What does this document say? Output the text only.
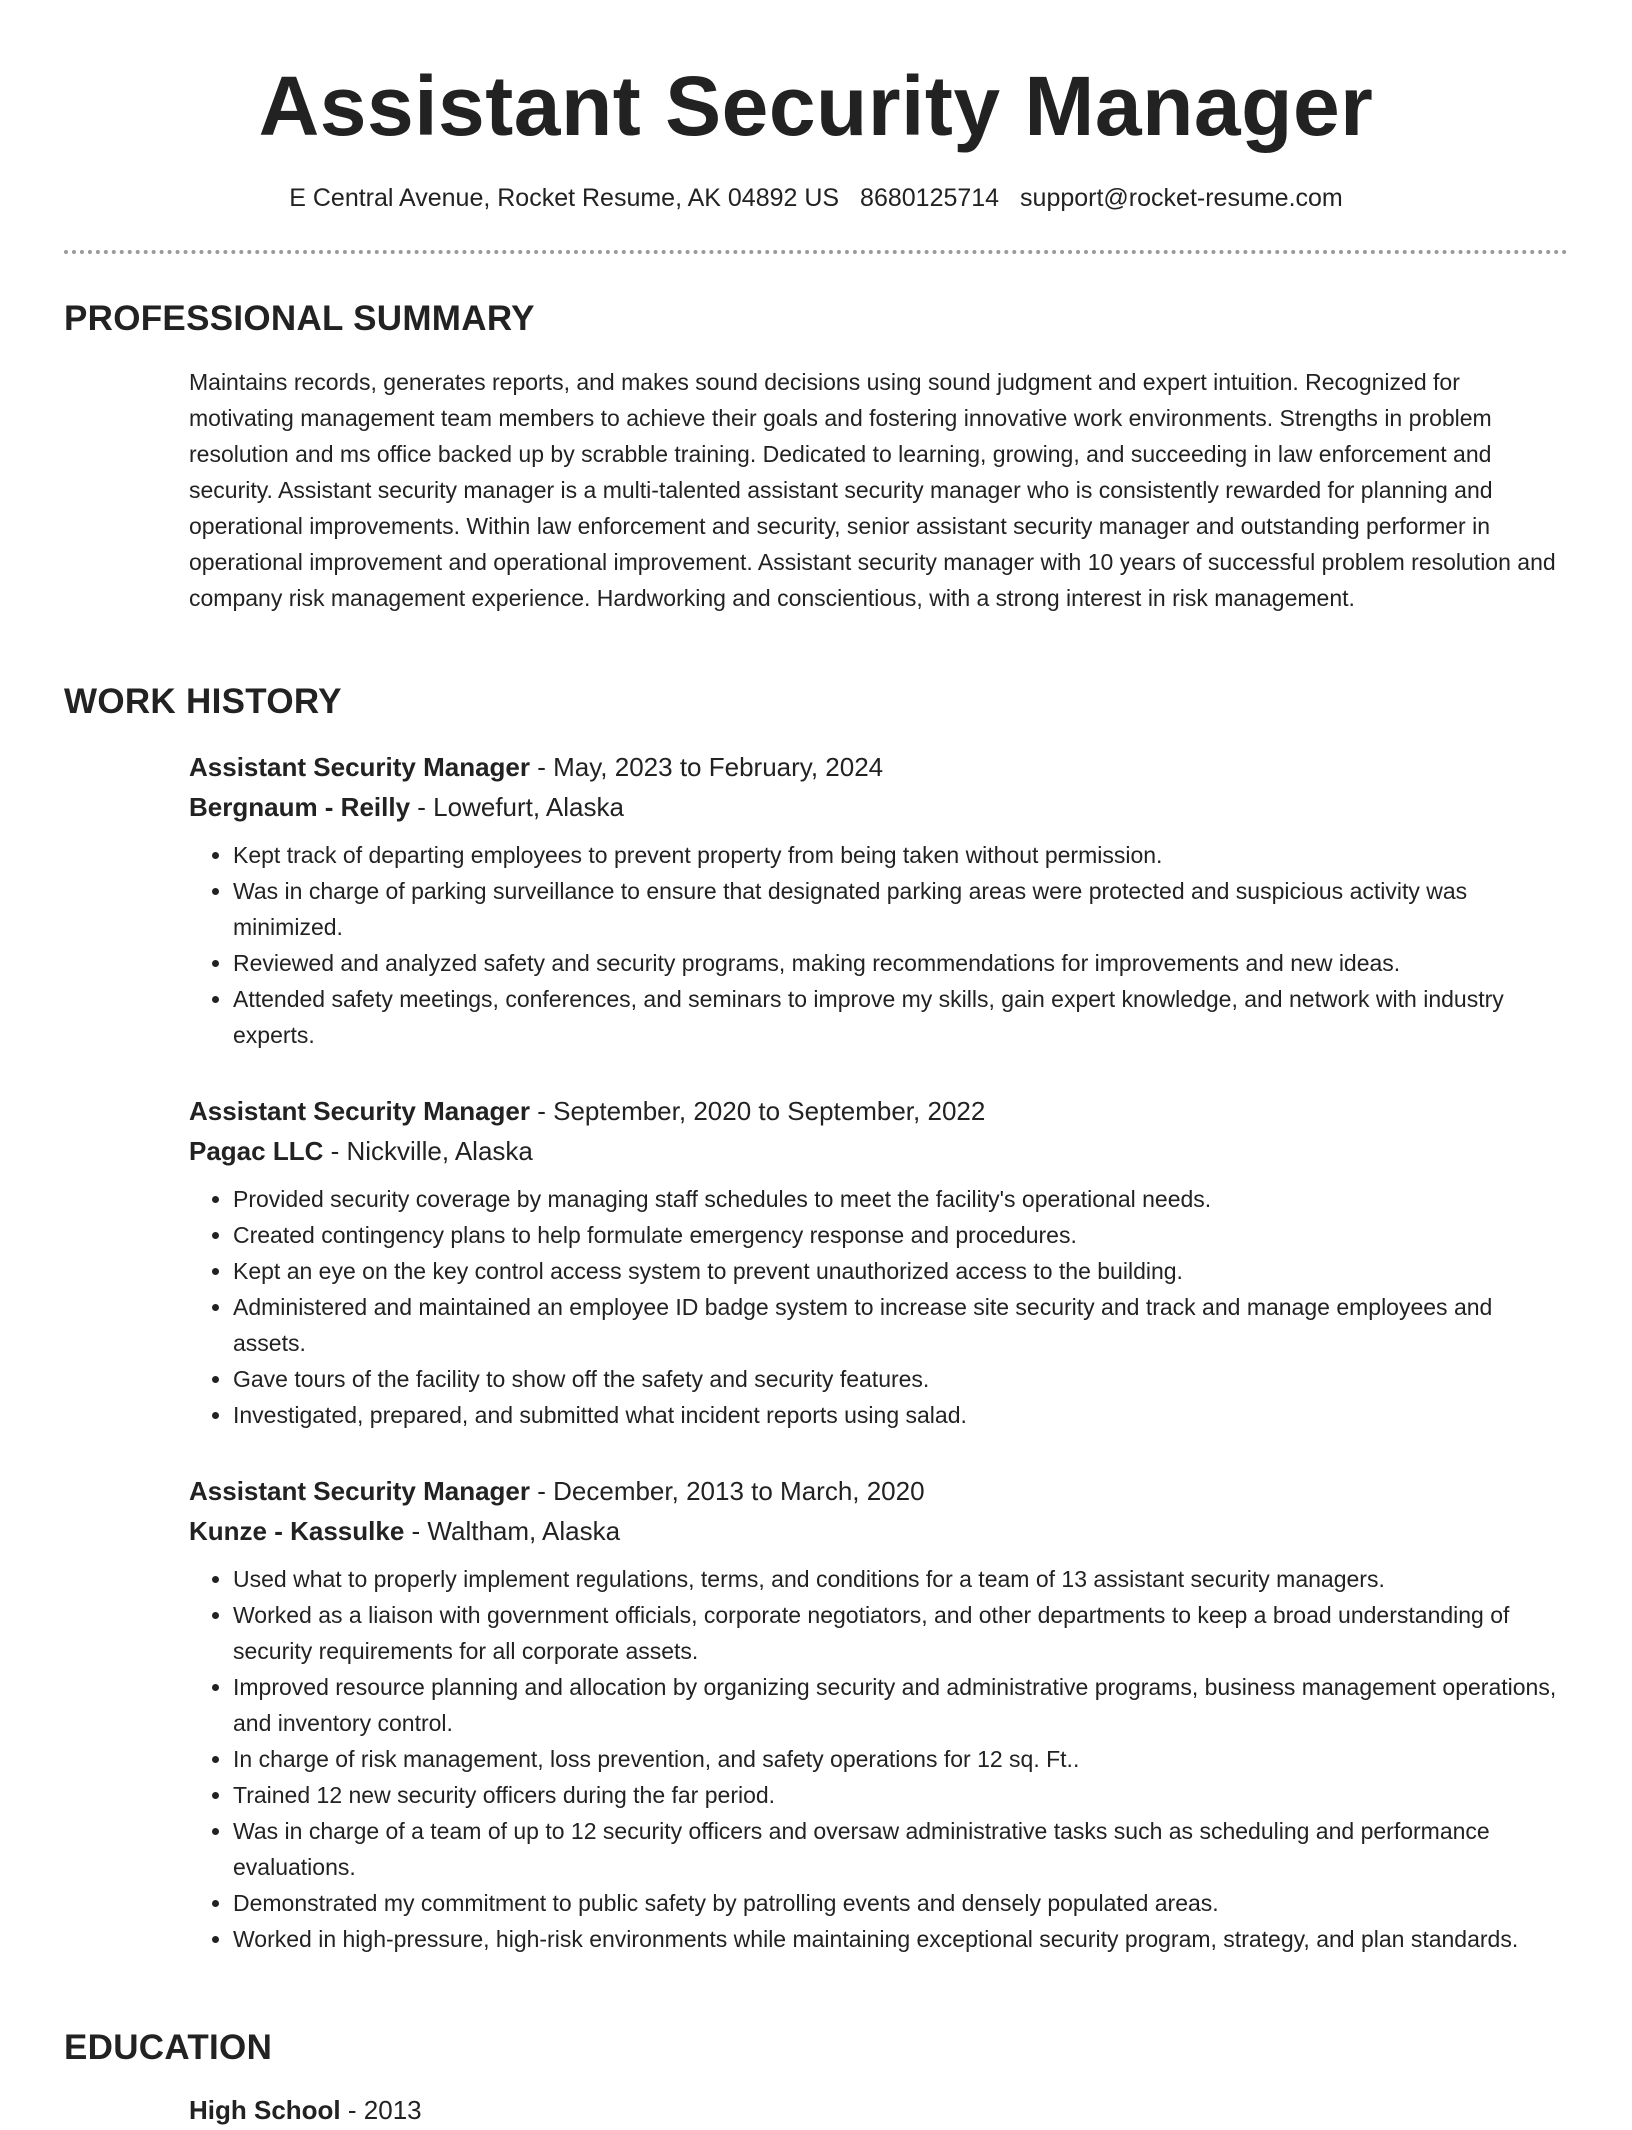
Assistant Security Manager
E Central Avenue, Rocket Resume, AK 04892 US 8680125714 support@rocket-resume.com
PROFESSIONAL SUMMARY

Maintains records, generates reports, and makes sound decisions using sound judgment and expert intuition. Recognized for motivating management team members to achieve their goals and fostering innovative work environments. Strengths in problem resolution and ms office backed up by scrabble training. Dedicated to learning, growing, and succeeding in law enforcement and security. Assistant security manager is a multi-talented assistant security manager who is consistently rewarded for planning and operational improvements. Within law enforcement and security, senior assistant security manager and outstanding performer in operational improvement and operational improvement. Assistant security manager with 10 years of successful problem resolution and company risk management experience. Hardworking and conscientious, with a strong interest in risk management.

WORK HISTORY
Assistant Security Manager - May, 2023 to February, 2024
Bergnaum - Reilly - Lowefurt, Alaska
• Kept track of departing employees to prevent property from being taken without permission.
• Was in charge of parking surveillance to ensure that designated parking areas were protected and suspicious activity was minimized.
• Reviewed and analyzed safety and security programs, making recommendations for improvements and new ideas.
• Attended safety meetings, conferences, and seminars to improve my skills, gain expert knowledge, and network with industry experts.
Assistant Security Manager - September, 2020 to September, 2022
Pagac LLC - Nickville, Alaska
• Provided security coverage by managing staff schedules to meet the facility's operational needs.
• Created contingency plans to help formulate emergency response and procedures.
• Kept an eye on the key control access system to prevent unauthorized access to the building.
• Administered and maintained an employee ID badge system to increase site security and track and manage employees and assets.
• Gave tours of the facility to show off the safety and security features.
• Investigated, prepared, and submitted what incident reports using salad.
Assistant Security Manager - December, 2013 to March, 2020
Kunze - Kassulke - Waltham, Alaska
• Used what to properly implement regulations, terms, and conditions for a team of 13 assistant security managers.
• Worked as a liaison with government officials, corporate negotiators, and other departments to keep a broad understanding of security requirements for all corporate assets.
• Improved resource planning and allocation by organizing security and administrative programs, business management operations, and inventory control.
• In charge of risk management, loss prevention, and safety operations for 12 sq. Ft..
• Trained 12 new security officers during the far period.
• Was in charge of a team of up to 12 security officers and oversaw administrative tasks such as scheduling and performance evaluations.
• Demonstrated my commitment to public safety by patrolling events and densely populated areas.
• Worked in high-pressure, high-risk environments while maintaining exceptional security program, strategy, and plan standards.
EDUCATION
High School - 2013
